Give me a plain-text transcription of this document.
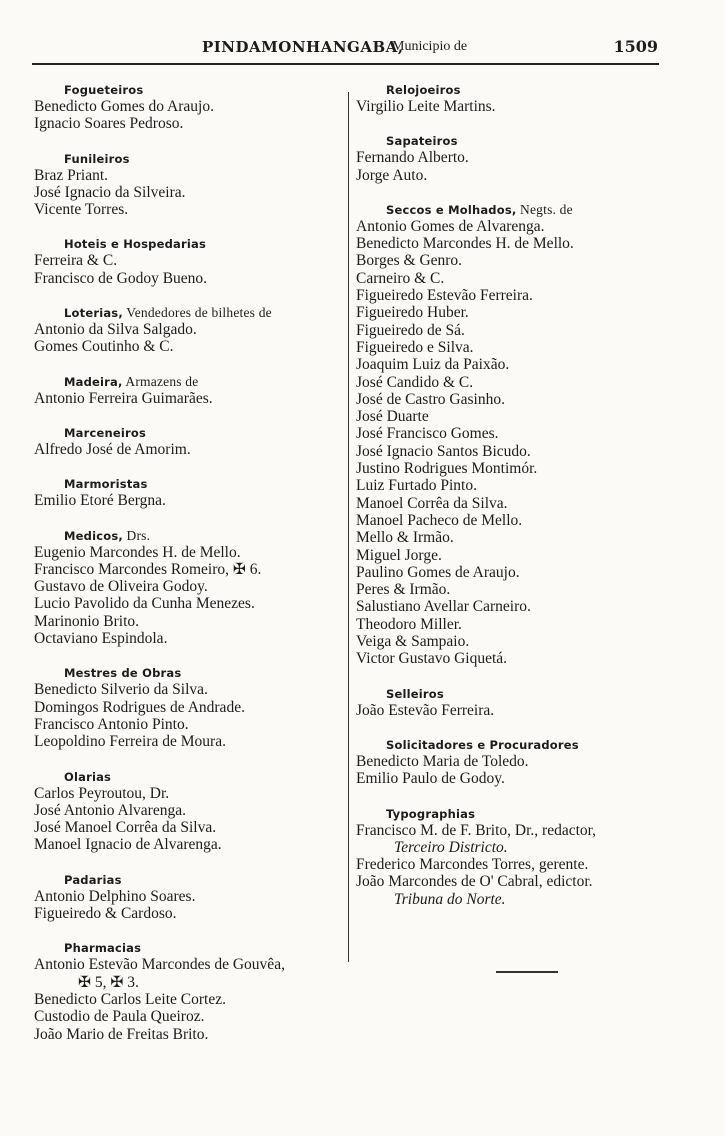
PINDAMONHANGABA,
Municipio de	1509
Fogueteiros
Benedicto Gomes do Araujo.
Ignacio Soares Pedroso.
Funileiros
Braz Priant.
José Ignacio da Silveira.
Vicente Torres.
Hoteis e Hospedarias
Ferreira & C.
Francisco de Godoy Bueno.
Loterias, Vendedores de bilhetes de
Antonio da Silva Salgado.
Gomes Coutinho & C.
Madeira, Armazens de
Antonio Ferreira Guimarães.
Marceneiros
Alfredo José de Amorim.
Marmoristas
Emilio Etoré Bergna.
Medicos, Drs.
Eugenio Marcondes H. de Mello.
Francisco Marcondes Romeiro, ✠ 6.
Gustavo de Oliveira Godoy.
Lucio Pavolido da Cunha Menezes.
Marinonio Brito.
Octaviano Espindola.
Mestres de Obras
Benedicto Silverio da Silva.
Domingos Rodrigues de Andrade.
Francisco Antonio Pinto.
Leopoldino Ferreira de Moura.
Olarias
Carlos Peyroutou, Dr.
José Antonio Alvarenga.
José Manoel Corrêa da Silva.
Manoel Ignacio de Alvarenga.
Padarias
Antonio Delphino Soares.
Figueiredo & Cardoso.
Pharmacias
Antonio Estevão Marcondes de Gouvêa,
✠ 5, ✠ 3.
Benedicto Carlos Leite Cortez.
Custodio de Paula Queiroz.
João Mario de Freitas Brito.
Relojoeiros
Virgilio Leite Martins.
Sapateiros
Fernando Alberto.
Jorge Auto.
Seccos e Molhados, Negts. de
Antonio Gomes de Alvarenga.
Benedicto Marcondes H. de Mello.
Borges & Genro.
Carneiro & C.
Figueiredo Estevão Ferreira.
Figueiredo Huber.
Figueiredo de Sá.
Figueiredo e Silva.
Joaquim Luiz da Paixão.
José Candido & C.
José de Castro Gasinho.
José Duarte
José Francisco Gomes.
José Ignacio Santos Bicudo.
Justino Rodrigues Montimór.
Luiz Furtado Pinto.
Manoel Corrêa da Silva.
Manoel Pacheco de Mello.
Mello & Irmão.
Miguel Jorge.
Paulino Gomes de Araujo.
Peres & Irmão.
Salustiano Avellar Carneiro.
Theodoro Miller.
Veiga & Sampaio.
Victor Gustavo Giquetá.
Selleiros
João Estevão Ferreira.
Solicitadores e Procuradores
Benedicto Maria de Toledo.
Emilio Paulo de Godoy.
Typographias
Francisco M. de F. Brito, Dr., redactor,
Terceiro Districto.
Frederico Marcondes Torres, gerente.
João Marcondes de O' Cabral, edictor.
Tribuna do Norte.
